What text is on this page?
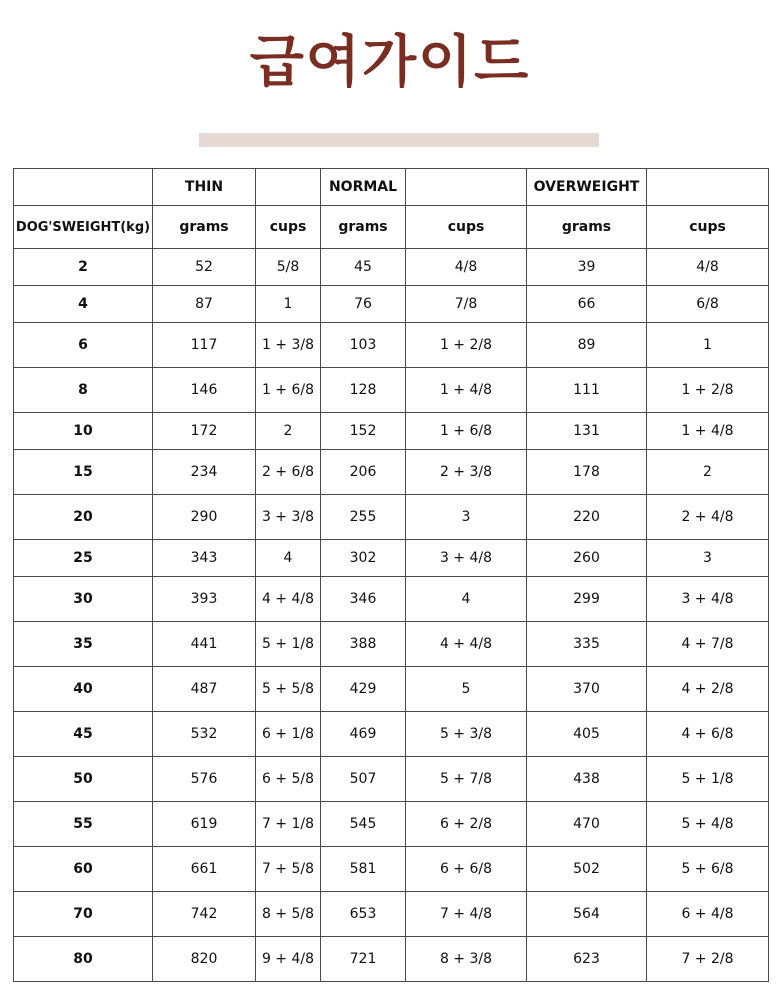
급여가이드
	THIN		NORMAL		OVERWEIGHT	
DOG'SWEIGHT(kg)	grams	cups	grams	cups	grams	cups
2	52	5/8	45	4/8	39	4/8
4	87	1	76	7/8	66	6/8
6	117	1 + 3/8	103	1 + 2/8	89	1
8	146	1 + 6/8	128	1 + 4/8	111	1 + 2/8
10	172	2	152	1 + 6/8	131	1 + 4/8
15	234	2 + 6/8	206	2 + 3/8	178	2
20	290	3 + 3/8	255	3	220	2 + 4/8
25	343	4	302	3 + 4/8	260	3
30	393	4 + 4/8	346	4	299	3 + 4/8
35	441	5 + 1/8	388	4 + 4/8	335	4 + 7/8
40	487	5 + 5/8	429	5	370	4 + 2/8
45	532	6 + 1/8	469	5 + 3/8	405	4 + 6/8
50	576	6 + 5/8	507	5 + 7/8	438	5 + 1/8
55	619	7 + 1/8	545	6 + 2/8	470	5 + 4/8
60	661	7 + 5/8	581	6 + 6/8	502	5 + 6/8
70	742	8 + 5/8	653	7 + 4/8	564	6 + 4/8
80	820	9 + 4/8	721	8 + 3/8	623	7 + 2/8
